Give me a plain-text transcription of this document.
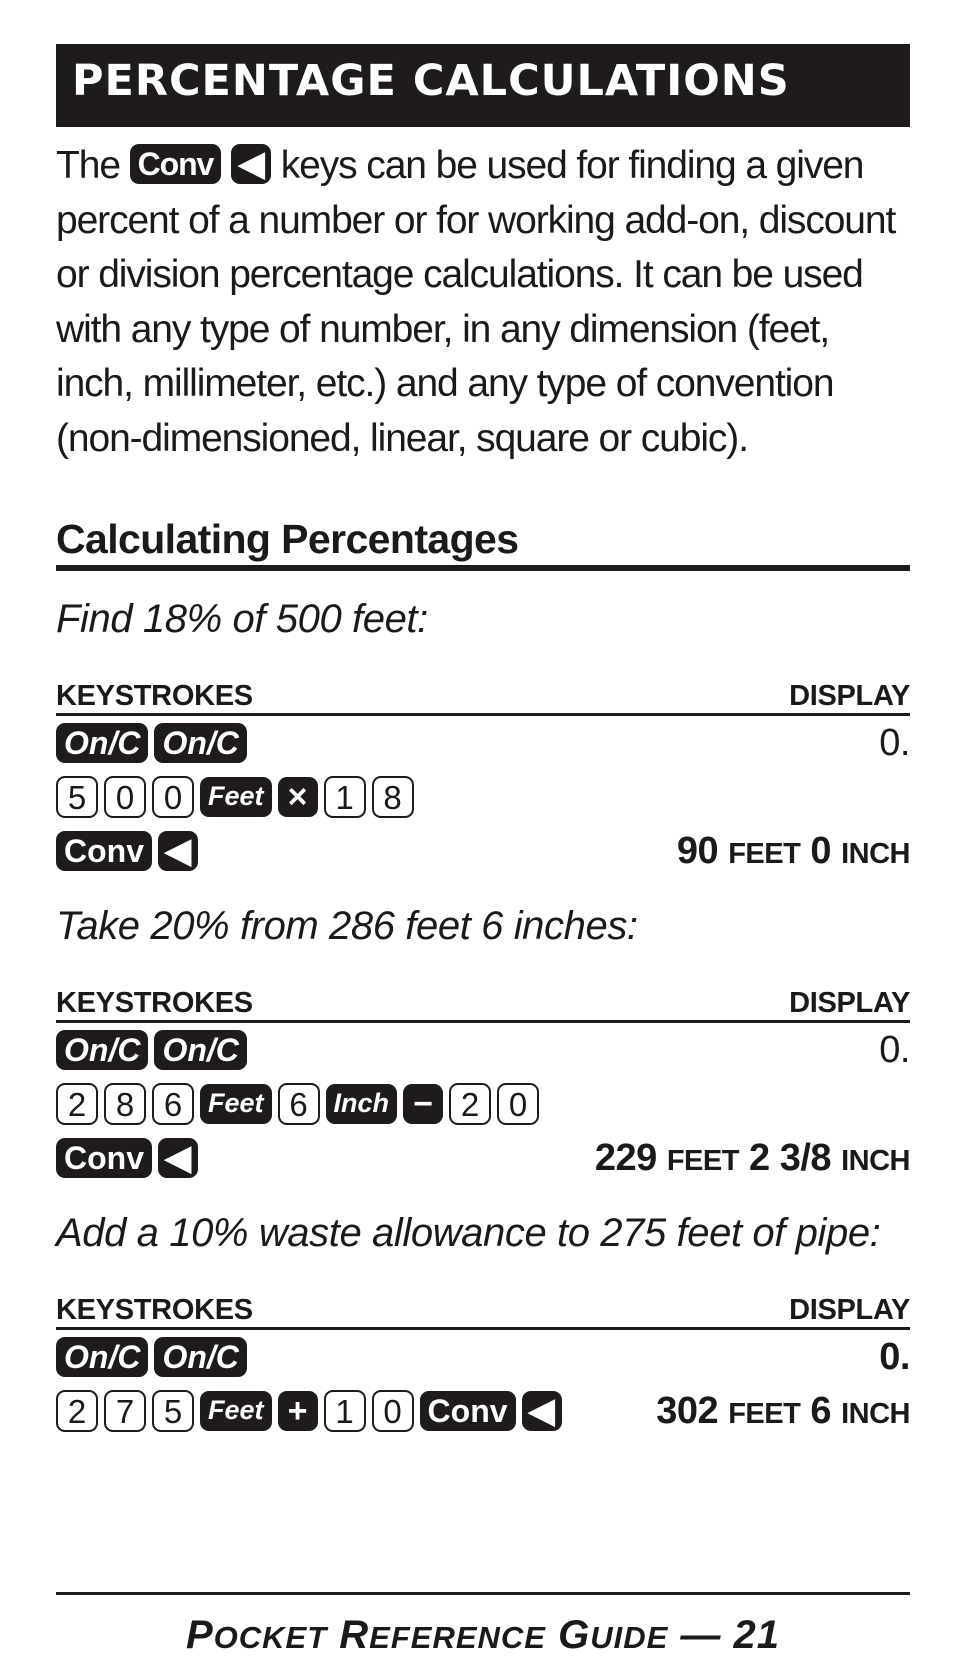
PERCENTAGE CALCULATIONS
The Conv ◀ keys can be used for finding a given percent of a number or for working add-on, discount or division percentage calculations. It can be used with any type of number, in any dimension (feet, inch, millimeter, etc.) and any type of convention (non-dimensioned, linear, square or cubic).
Calculating Percentages
Find 18% of 500 feet:
KEYSTROKES	DISPLAY
On/C On/C	0.
5 0 0 Feet × 1 8
Conv ◀	90 FEET 0 INCH
Take 20% from 286 feet 6 inches:
KEYSTROKES	DISPLAY
On/C On/C	0.
2 8 6 Feet 6 Inch − 2 0
Conv ◀	229 FEET 2 3/8 INCH
Add a 10% waste allowance to 275 feet of pipe:
KEYSTROKES	DISPLAY
On/C On/C	0.
2 7 5 Feet + 1 0 Conv ◀	302 FEET 6 INCH
POCKET REFERENCE GUIDE — 21
